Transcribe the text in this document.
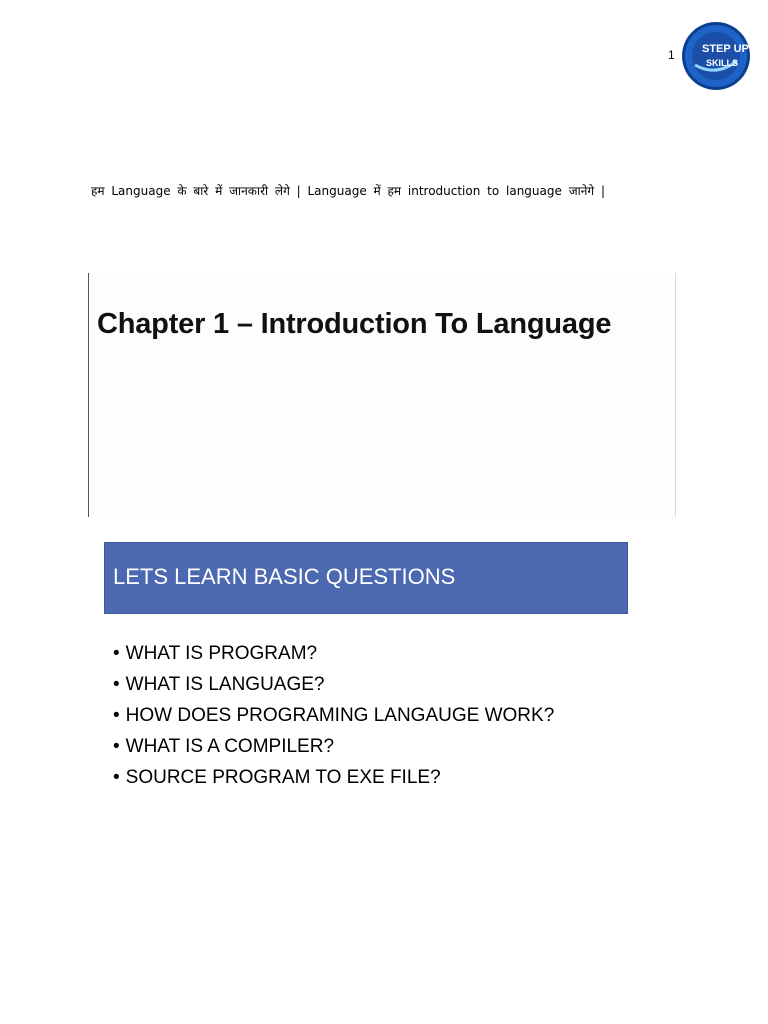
1 STEP UP
SKILLS
हम Language के बारे में जानकारी लेगे | Language में हम introduction to language जानेगे |
Chapter 1 – Introduction To Language
LETS LEARN BASIC QUESTIONS
• WHAT IS PROGRAM?
• WHAT IS LANGUAGE?
• HOW DOES PROGRAMING LANGAUGE WORK?
• WHAT IS A COMPILER?
• SOURCE PROGRAM TO EXE FILE?
